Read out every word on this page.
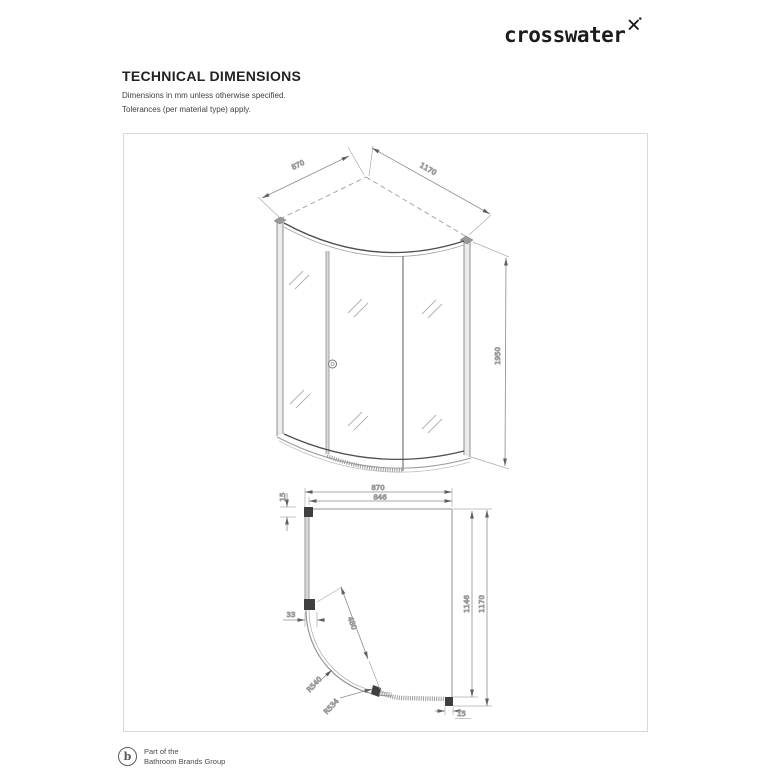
crosswater
TECHNICAL DIMENSIONS

Dimensions in mm unless otherwise specified.

Tolerances (per material type) apply.

870	1170
1950
15
870
846
33
480
R540
R534
1146 1170
15
b Part of the
Bathroom Brands Group
